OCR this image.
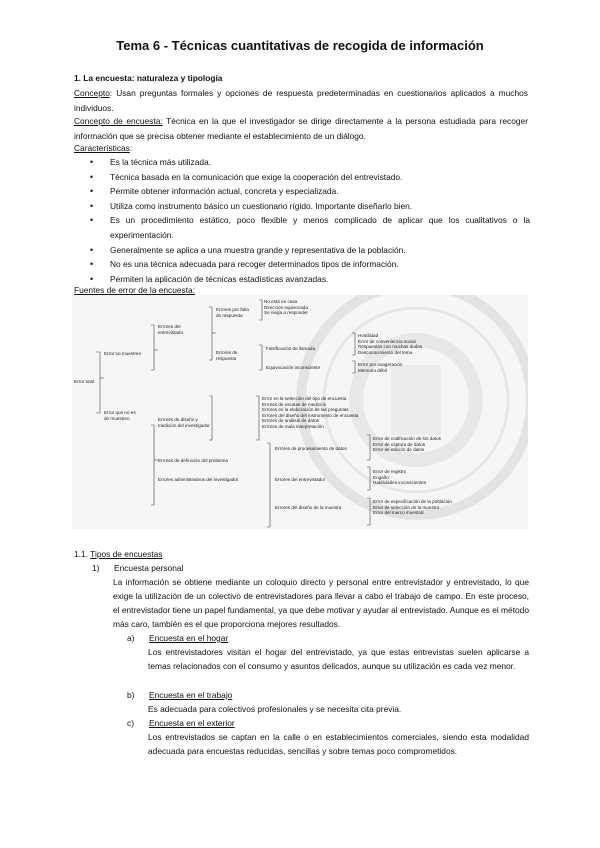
Tema 6 - Técnicas cuantitativas de recogida de información
1. La encuesta: naturaleza y tipología
Concepto: Usan preguntas formales y opciones de respuesta predeterminadas en cuestionarios aplicados a muchos individuos.
Concepto de encuesta: Técnica en la que el investigador se dirige directamente a la persona estudiada para recoger información que se precisa obtener mediante el establecimiento de un diálogo.
Características:
• Es la técnica más utilizada.
• Técnica basada en la comunicación que exige la cooperación del entrevistado.
• Permite obtener información actual, concreta y especializada.
• Utiliza como instrumento básico un cuestionario rígido. Importante diseñarlo bien.
• Es un procedimiento estático, poco flexible y menos complicado de aplicar que los cualitativos o la experimentación.
• Generalmente se aplica a una muestra grande y representativa de la población.
• No es una técnica adecuada para recoger determinados tipos de información.
• Permiten la aplicación de técnicas estadísticas avanzadas.
Fuentes de error de la encuesta:
Error total
Error no muestreo
Error que no es
de muestreo
Errores del
entrevistado
Errores por falta
de respuesta
No está en casa
Dirección equivocada
Se niega a responder
Errores de
respuesta
Falsificación de llamada
Hostilidad
Error de conveniencia social
Respuestas con muchas dudas
Desconocimiento del tema
Equivocación inconsciente
Error por exageración
Memoria débil
Errores de diseño y
medición del investigador
Error en la selección del tipo de encuesta
Errores de escalas de medición
Errores en la elaboración de las preguntas
Errores del diseño del instrumento de encuesta
Errores de análisis de datos
Errores de mala interpretación
Errores de definición del problema
Errores administrativos del investigador
Errores de procesamiento de datos
Error de codificación de los datos
Error de captura de datos
Error de edición de datos
Errores del entrevistador
Error de registro
Engaño
Habilidades inconscientes
Errores del diseño de la muestra
Error de especificación de la población
Error de selección de la muestra
Error del marco muestral
1.1. Tipos de encuestas
1) Encuesta personal
La información se obtiene mediante un coloquio directo y personal entre entrevistador y entrevistado, lo que exige la utilización de un colectivo de entrevistadores para llevar a cabo el trabajo de campo. En este proceso, el entrevistador tiene un papel fundamental, ya que debe motivar y ayudar al entrevistado. Aunque es el método más caro, también es el que proporciona mejores resultados.
a) Encuesta en el hogar
Los entrevistadores visitan el hogar del entrevistado, ya que estas entrevistas suelen aplicarse a temas relacionados con el consumo y asuntos delicados, aunque su utilización es cada vez menor.
b) Encuesta en el trabajo
Es adecuada para colectivos profesionales y se necesita cita previa.
c) Encuesta en el exterior
Los entrevistados se captan en la calle o en establecimientos comerciales, siendo esta modalidad adecuada para encuestas reducidas, sencillas y sobre temas poco comprometidos.
